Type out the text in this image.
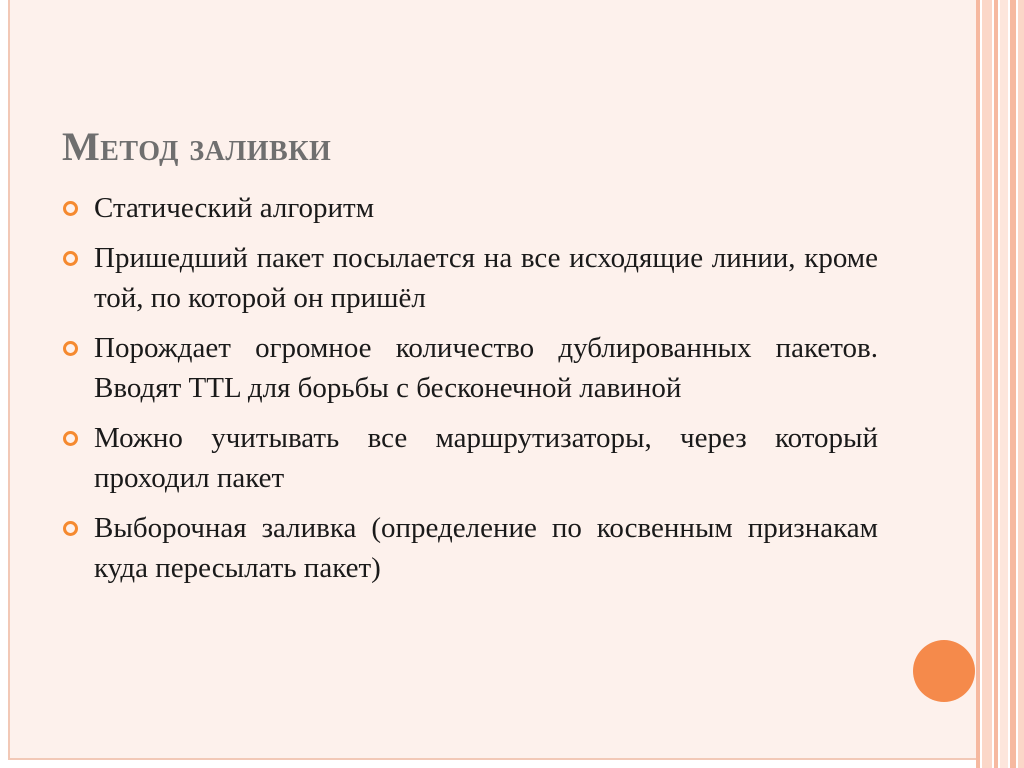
Метод заливки
Статический алгоритм
Пришедший пакет посылается на все исходящие линии, кроме той, по которой он пришёл
Порождает огромное количество дублированных пакетов. Вводят TTL для борьбы с бесконечной лавиной
Можно учитывать все маршрутизаторы, через который проходил пакет
Выборочная заливка (определение по косвенным признакам куда пересылать пакет)
